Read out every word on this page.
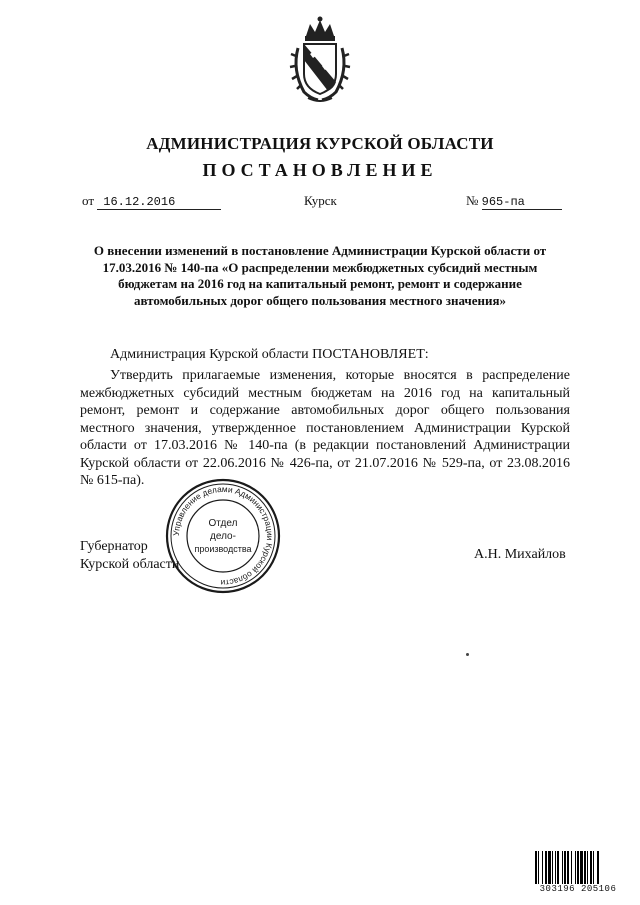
АДМИНИСТРАЦИЯ КУРСКОЙ ОБЛАСТИ
ПОСТАНОВЛЕНИЕ
от 16.12.2016	Курск	№ 965-па
О внесении изменений в постановление Администрации Курской области от 17.03.2016 № 140-па «О распределении межбюджетных субсидий местным бюджетам на 2016 год на капитальный ремонт, ремонт и содержание автомобильных дорог общего пользования местного значения»
Администрация Курской области ПОСТАНОВЛЯЕТ:
Утвердить прилагаемые изменения, которые вносятся в распределение межбюджетных субсидий местным бюджетам на 2016 год на капитальный ремонт, ремонт и содержание автомобильных дорог общего пользования местного значения, утвержденное постановлением Администрации Курской области от 17.03.2016 № 140-па (в редакции постановлений Администрации Курской области от 22.06.2016 № 426-па, от 21.07.2016 № 529-па, от 23.08.2016 № 615-па).
Губернатор
Курской области
А.Н. Михайлов
Управление делами Администрации Курской области
Отдел
дело-
производства
303196 205106
